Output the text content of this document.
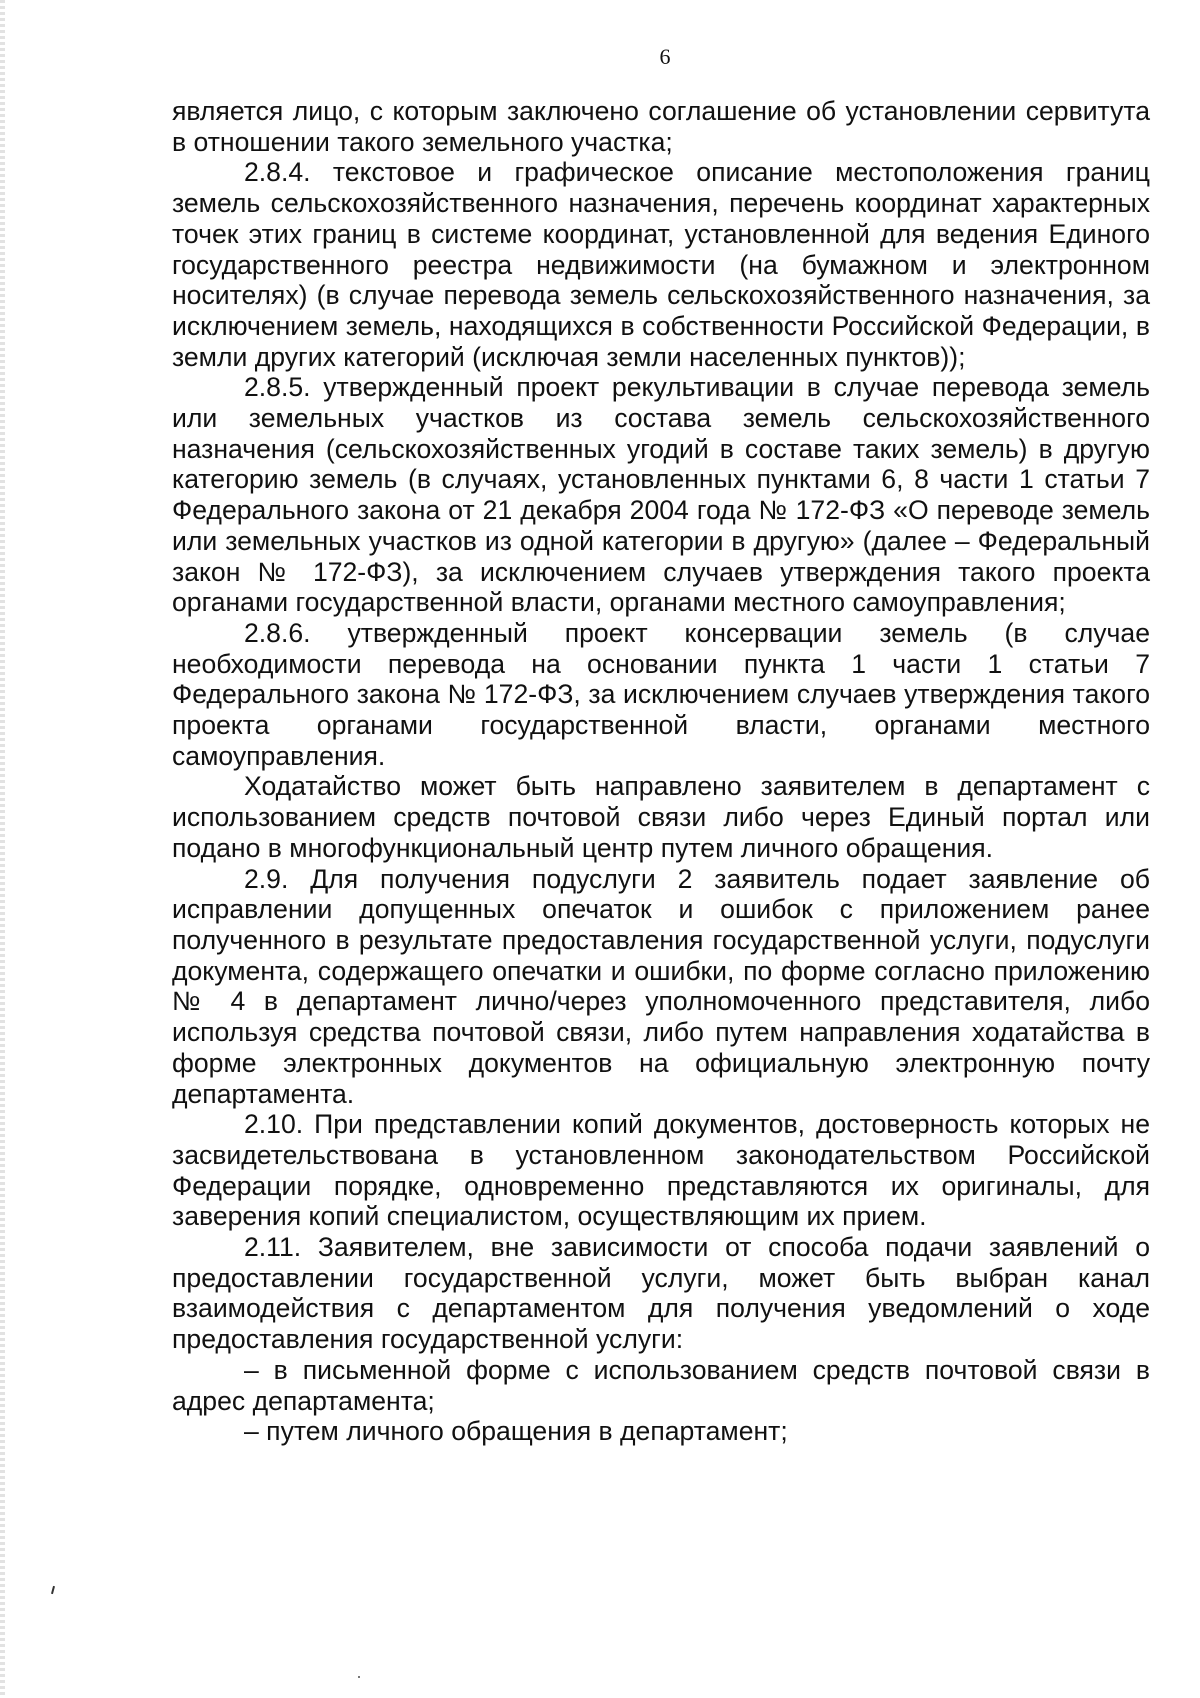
6

является лицо, с которым заключено соглашение об установлении сервитута в отношении такого земельного участка;

2.8.4. текстовое и графическое описание местоположения границ земель сельскохозяйственного назначения, перечень координат характерных точек этих границ в системе координат, установленной для ведения Единого государственного реестра недвижимости (на бумажном и электронном носителях) (в случае перевода земель сельскохозяйственного назначения, за исключением земель, находящихся в собственности Российской Федерации, в земли других категорий (исключая земли населенных пунктов));

2.8.5. утвержденный проект рекультивации в случае перевода земель или земельных участков из состава земель сельскохозяйственного назначения (сельскохозяйственных угодий в составе таких земель) в другую категорию земель (в случаях, установленных пунктами 6, 8 части 1 статьи 7 Федерального закона от 21 декабря 2004 года № 172-ФЗ «О переводе земель или земельных участков из одной категории в другую» (далее – Федеральный закон № 172-ФЗ), за исключением случаев утверждения такого проекта органами государственной власти, органами местного самоуправления;

2.8.6. утвержденный проект консервации земель (в случае необходимости перевода на основании пункта 1 части 1 статьи 7 Федерального закона № 172-ФЗ, за исключением случаев утверждения такого проекта органами государственной власти, органами местного самоуправления.

Ходатайство может быть направлено заявителем в департамент с использованием средств почтовой связи либо через Единый портал или подано в многофункциональный центр путем личного обращения.

2.9. Для получения подуслуги 2 заявитель подает заявление об исправлении допущенных опечаток и ошибок с приложением ранее полученного в результате предоставления государственной услуги, подуслуги документа, содержащего опечатки и ошибки, по форме согласно приложению № 4 в департамент лично/через уполномоченного представителя, либо используя средства почтовой связи, либо путем направления ходатайства в форме электронных документов на официальную электронную почту департамента.

2.10. При представлении копий документов, достоверность которых не засвидетельствована в установленном законодательством Российской Федерации порядке, одновременно представляются их оригиналы, для заверения копий специалистом, осуществляющим их прием.

2.11. Заявителем, вне зависимости от способа подачи заявлений о предоставлении государственной услуги, может быть выбран канал взаимодействия с департаментом для получения уведомлений о ходе предоставления государственной услуги:

– в письменной форме с использованием средств почтовой связи в адрес департамента;

– путем личного обращения в департамент;
